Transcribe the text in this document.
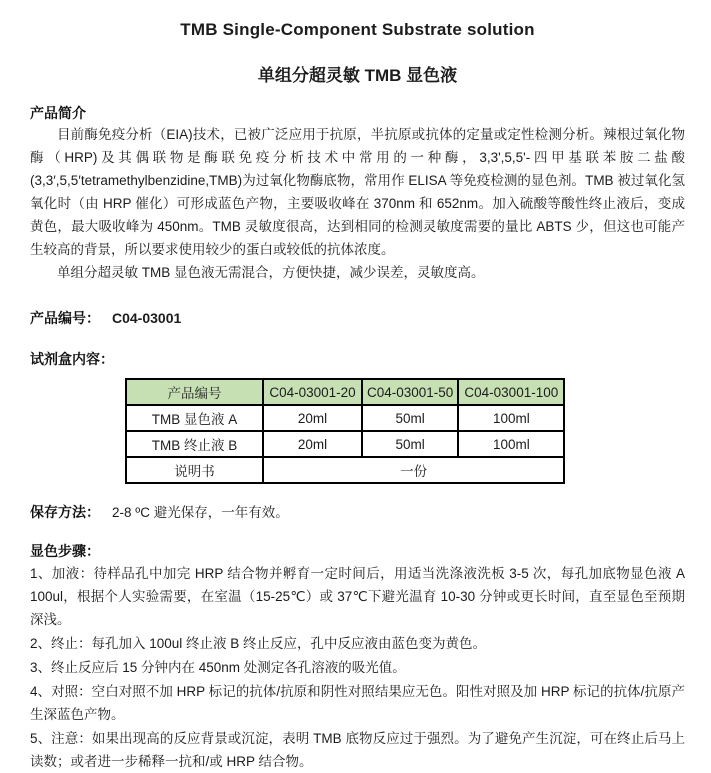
TMB Single-Component Substrate solution
单组分超灵敏 TMB 显色液
产品简介

目前酶免疫分析（EIA)技术，已被广泛应用于抗原，半抗原或抗体的定量或定性检测分析。辣根过氧化物酶（HRP)及其偶联物是酶联免疫分析技术中常用的一种酶，3,3',5,5'-四甲基联苯胺二盐酸(3,3′,5,5′tetramethylbenzidine,TMB)为过氧化物酶底物，常用作 ELISA 等免疫检测的显色剂。TMB 被过氧化氢氧化时（由 HRP 催化）可形成蓝色产物，主要吸收峰在 370nm 和 652nm。加入硫酸等酸性终止液后，变成黄色，最大吸收峰为 450nm。TMB 灵敏度很高，达到相同的检测灵敏度需要的量比 ABTS 少，但这也可能产生较高的背景，所以要求使用较少的蛋白或较低的抗体浓度。

单组分超灵敏 TMB 显色液无需混合，方便快捷，减少误差，灵敏度高。

产品编号： C04-03001
试剂盒内容：
产品编号	C04-03001-20	C04-03001-50	C04-03001-100
TMB 显色液 A	20ml	50ml	100ml
TMB 终止液 B	20ml	50ml	100ml
说明书	一份		
保存方法： 2-8 ºC 避光保存，一年有效。
显色步骤：

1、加液：待样品孔中加完 HRP 结合物并孵育一定时间后，用适当洗涤液洗板 3-5 次，每孔加底物显色液 A 100ul，根据个人实验需要，在室温（15-25℃）或 37℃下避光温育 10-30 分钟或更长时间，直至显色至预期深浅。

2、终止：每孔加入 100ul 终止液 B 终止反应，孔中反应液由蓝色变为黄色。

3、终止反应后 15 分钟内在 450nm 处测定各孔溶液的吸光值。

4、对照：空白对照不加 HRP 标记的抗体/抗原和阴性对照结果应无色。阳性对照及加 HRP 标记的抗体/抗原产生深蓝色产物。

5、注意：如果出现高的反应背景或沉淀，表明 TMB 底物反应过于强烈。为了避免产生沉淀，可在终止后马上读数；或者进一步稀释一抗和/或 HRP 结合物。
